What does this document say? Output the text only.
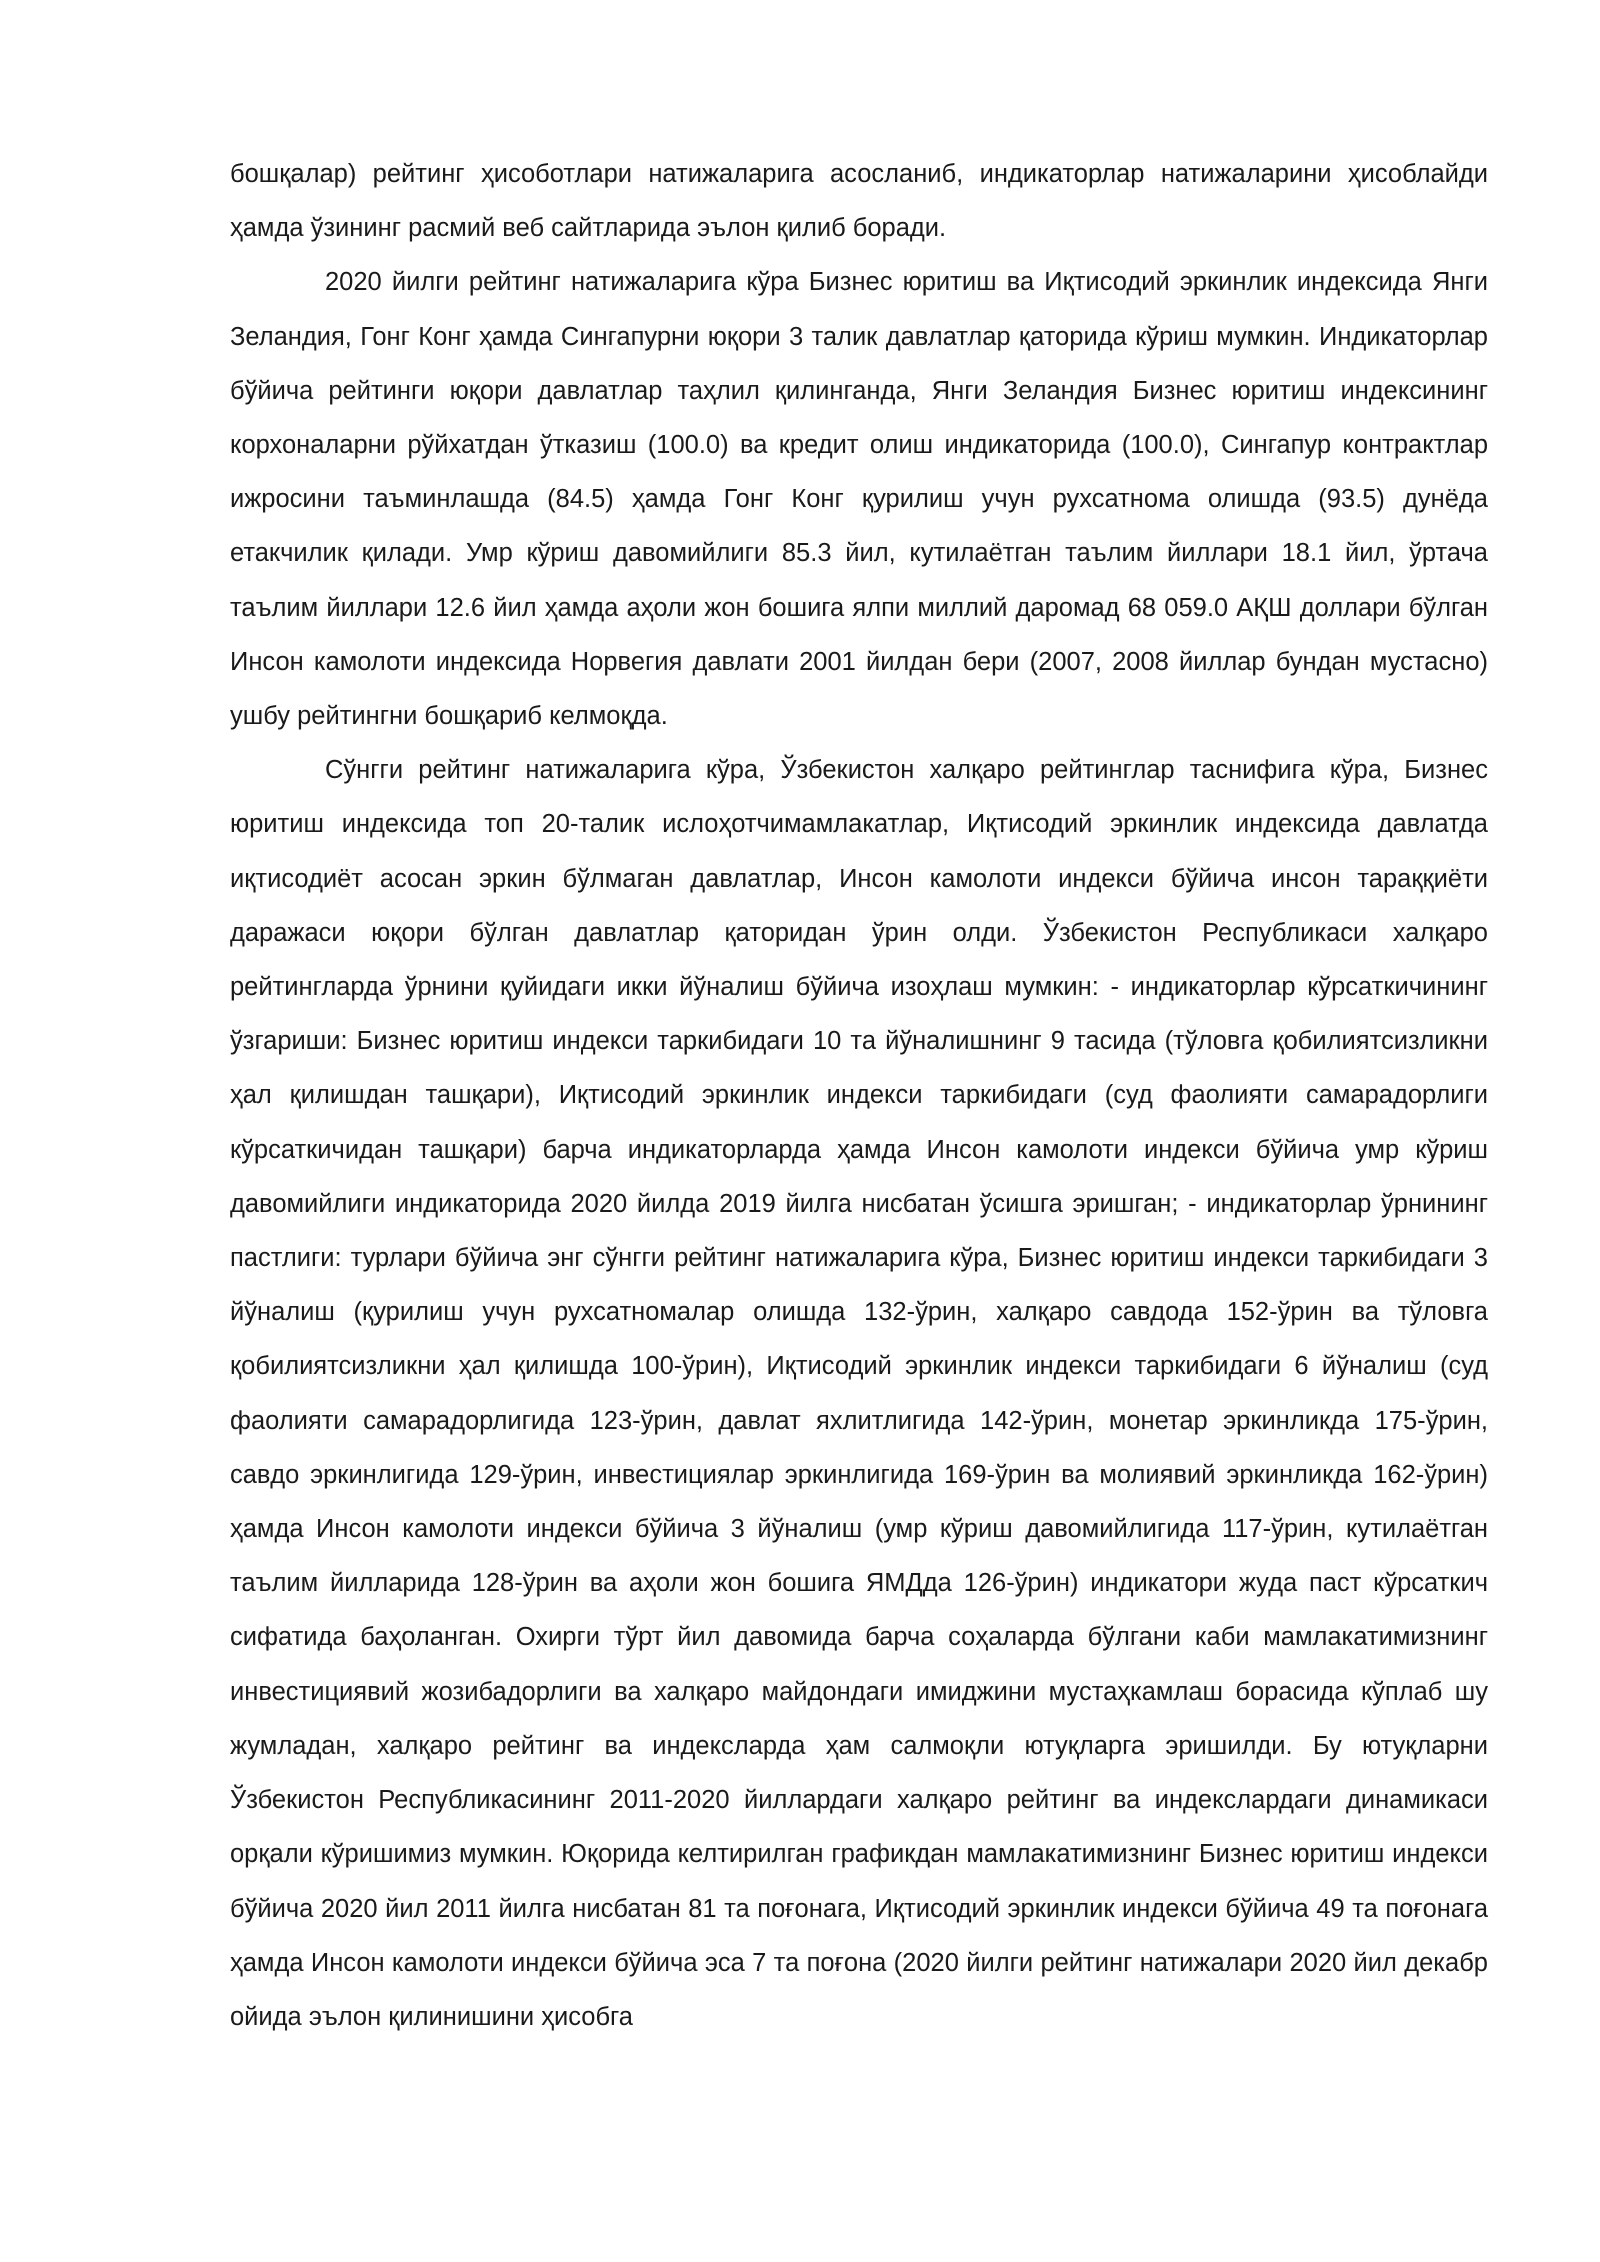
бошқалар) рейтинг ҳисоботлари натижаларига асосланиб, индикаторлар натижаларини ҳисоблайди ҳамда ўзининг расмий веб сайтларида эълон қилиб боради.

2020 йилги рейтинг натижаларига кўра Бизнес юритиш ва Иқтисодий эркинлик индексида Янги Зеландия, Гонг Конг ҳамда Сингапурни юқори 3 талик давлатлар қаторида кўриш мумкин. Индикаторлар бўйича рейтинги юқори давлатлар таҳлил қилинганда, Янги Зеландия Бизнес юритиш индексининг корхоналарни рўйхатдан ўтказиш (100.0) ва кредит олиш индикаторида (100.0), Сингапур контрактлар ижросини таъминлашда (84.5) ҳамда Гонг Конг қурилиш учун рухсатнома олишда (93.5) дунёда етакчилик қилади. Умр кўриш давомийлиги 85.3 йил, кутилаётган таълим йиллари 18.1 йил, ўртача таълим йиллари 12.6 йил ҳамда аҳоли жон бошига ялпи миллий даромад 68 059.0 АҚШ доллари бўлган Инсон камолоти индексида Норвегия давлати 2001 йилдан бери (2007, 2008 йиллар бундан мустасно) ушбу рейтингни бошқариб келмоқда.

Сўнгги рейтинг натижаларига кўра, Ўзбекистон халқаро рейтинглар таснифига кўра, Бизнес юритиш индексида топ 20-талик ислоҳотчимамлакатлар, Иқтисодий эркинлик индексида давлатда иқтисодиёт асосан эркин бўлмаган давлатлар, Инсон камолоти индекси бўйича инсон тараққиёти даражаси юқори бўлган давлатлар қаторидан ўрин олди. Ўзбекистон Республикаси халқаро рейтингларда ўрнини қуйидаги икки йўналиш бўйича изоҳлаш мумкин: - индикаторлар кўрсаткичининг ўзгариши: Бизнес юритиш индекси таркибидаги 10 та йўналишнинг 9 тасида (тўловга қобилиятсизликни ҳал қилишдан ташқари), Иқтисодий эркинлик индекси таркибидаги (суд фаолияти самарадорлиги кўрсаткичидан ташқари) барча индикаторларда ҳамда Инсон камолоти индекси бўйича умр кўриш давомийлиги индикаторида 2020 йилда 2019 йилга нисбатан ўсишга эришган; - индикаторлар ўрнининг пастлиги: турлари бўйича энг сўнгги рейтинг натижаларига кўра, Бизнес юритиш индекси таркибидаги 3 йўналиш (қурилиш учун рухсатномалар олишда 132-ўрин, халқаро савдода 152-ўрин ва тўловга қобилиятсизликни ҳал қилишда 100-ўрин), Иқтисодий эркинлик индекси таркибидаги 6 йўналиш (суд фаолияти самарадорлигида 123-ўрин, давлат яхлитлигида 142-ўрин, монетар эркинликда 175-ўрин, савдо эркинлигида 129-ўрин, инвестициялар эркинлигида 169-ўрин ва молиявий эркинликда 162-ўрин) ҳамда Инсон камолоти индекси бўйича 3 йўналиш (умр кўриш давомийлигида 117-ўрин, кутилаётган таълим йилларида 128-ўрин ва аҳоли жон бошига ЯМДда 126-ўрин) индикатори жуда паст кўрсаткич сифатида баҳоланган. Охирги тўрт йил давомида барча соҳаларда бўлгани каби мамлакатимизнинг инвестициявий жозибадорлиги ва халқаро майдондаги имиджини мустаҳкамлаш борасида кўплаб шу жумладан, халқаро рейтинг ва индексларда ҳам салмоқли ютуқларга эришилди. Бу ютуқларни Ўзбекистон Республикасининг 2011-2020 йиллардаги халқаро рейтинг ва индекслардаги динамикаси орқали кўришимиз мумкин. Юқорида келтирилган графикдан мамлакатимизнинг Бизнес юритиш индекси бўйича 2020 йил 2011 йилга нисбатан 81 та поғонага, Иқтисодий эркинлик индекси бўйича 49 та поғонага ҳамда Инсон камолоти индекси бўйича эса 7 та поғона (2020 йилги рейтинг натижалари 2020 йил декабр ойида эълон қилинишини ҳисобга
